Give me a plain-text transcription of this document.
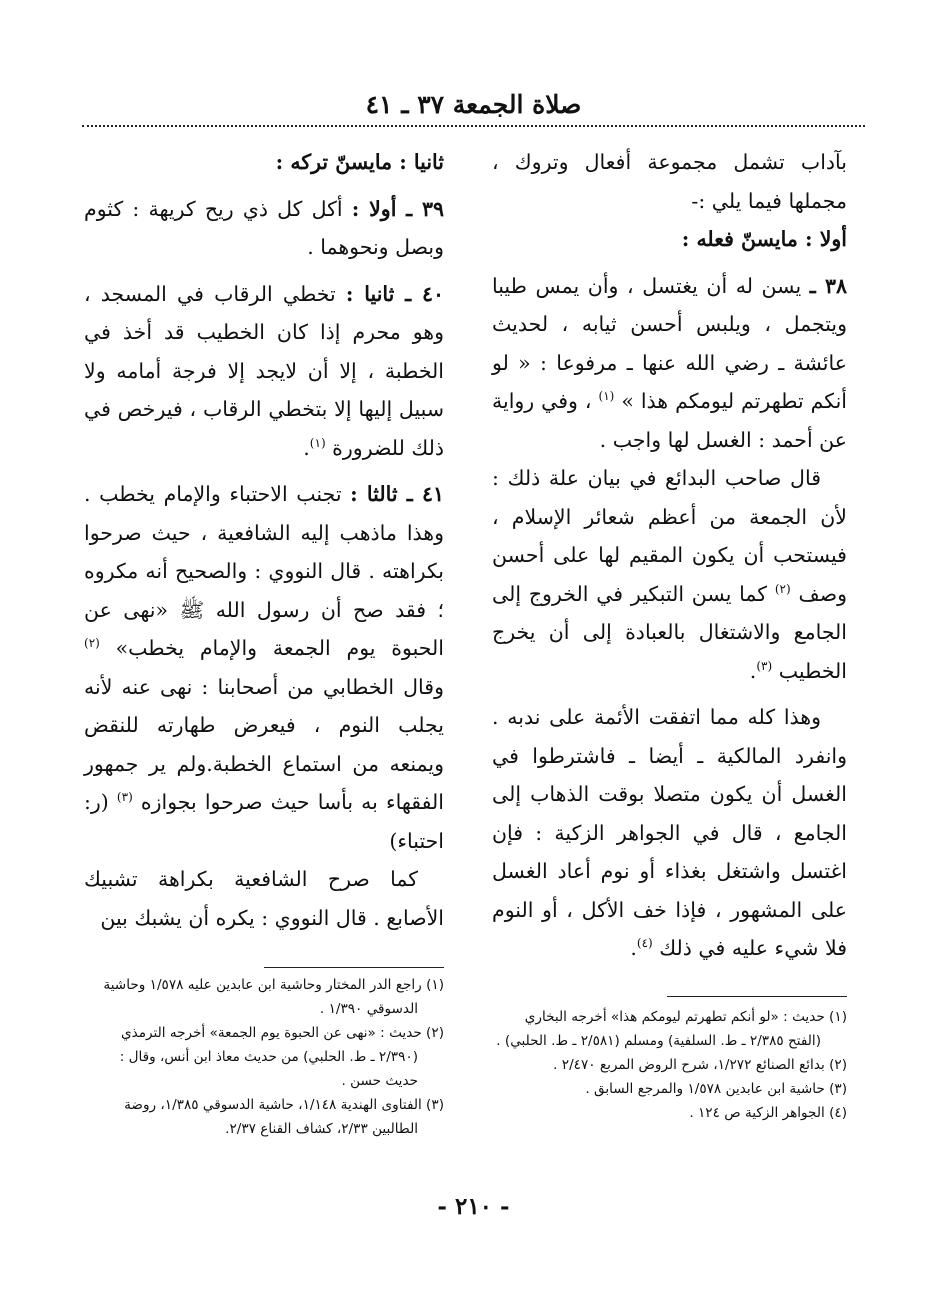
صلاة الجمعة ٣٧ ـ ٤١

بآداب تشمل مجموعة أفعال وتروك ، مجملها فيما يلي :-

أولا : مايسنّ فعله :

٣٨ ـ يسن له أن يغتسل ، وأن يمس طيبا ويتجمل ، ويلبس أحسن ثيابه ، لحديث عائشة ـ رضي الله عنها ـ مرفوعا : « لو أنكم تطهرتم ليومكم هذا » $^{(١)}$ ، وفي رواية عن أحمد : الغسل لها واجب .

قال صاحب البدائع في بيان علة ذلك : لأن الجمعة من أعظم شعائر الإسلام ، فيستحب أن يكون المقيم لها على أحسن وصف $^{(٢)}$ كما يسن التبكير في الخروج إلى الجامع والاشتغال بالعبادة إلى أن يخرج الخطيب $^{(٣)}$.

وهذا كله مما اتفقت الأئمة على ندبه . وانفرد المالكية ـ أيضا ـ فاشترطوا في الغسل أن يكون متصلا بوقت الذهاب إلى الجامع ، قال في الجواهر الزكية : فإن اغتسل واشتغل بغذاء أو نوم أعاد الغسل على المشهور ، فإذا خف الأكل ، أو النوم فلا شيء عليه في ذلك $^{(٤)}$.

ثانيا : مايسنّ تركه :

٣٩ ـ أولا : أكل كل ذي ريح كريهة : كثوم وبصل ونحوهما .

٤٠ ـ ثانيا : تخطي الرقاب في المسجد ، وهو محرم إذا كان الخطيب قد أخذ في الخطبة ، إلا أن لايجد إلا فرجة أمامه ولا سبيل إليها إلا بتخطي الرقاب ، فيرخص في ذلك للضرورة $^{(١)}$.

٤١ ـ ثالثا : تجنب الاحتباء والإمام يخطب . وهذا ماذهب إليه الشافعية ، حيث صرحوا بكراهته . قال النووي : والصحيح أنه مكروه ؛ فقد صح أن رسول الله ﷺ «نهى عن الحبوة يوم الجمعة والإمام يخطب» $^{(٢)}$ وقال الخطابي من أصحابنا : نهى عنه لأنه يجلب النوم ، فيعرض طهارته للنقض ويمنعه من استماع الخطبة.ولم ير جمهور الفقهاء به بأسا حيث صرحوا بجوازه $^{(٣)}$ (ر: احتباء)

كما صرح الشافعية بكراهة تشبيك الأصابع . قال النووي : يكره أن يشبك بين

(١) حديث : «لو أنكم تطهرتم ليومكم هذا» أخرجه البخاري (الفتح ٢/٣٨٥ ـ ط. السلفية) ومسلم (٢/٥٨١ ـ ط. الحلبي) .

(٢) بدائع الصنائع ١/٢٧٢، شرح الروض المربع ٢/٤٧٠ .

(٣) حاشية ابن عابدين ١/٥٧٨ والمرجع السابق .

(٤) الجواهر الزكية ص ١٢٤ .

(١) راجع الدر المختار وحاشية ابن عابدين عليه ١/٥٧٨ وحاشية الدسوقي ١/٣٩٠ .

(٢) حديث : «نهى عن الحبوة يوم الجمعة» أخرجه الترمذي (٢/٣٩٠ ـ ط. الحلبي) من حديث معاذ ابن أنس، وقال : حديث حسن .

(٣) الفتاوى الهندية ١/١٤٨، حاشية الدسوقي ١/٣٨٥، روضة الطالبين ٢/٣٣، كشاف القناع ٢/٣٧.

- ٢١٠ -
